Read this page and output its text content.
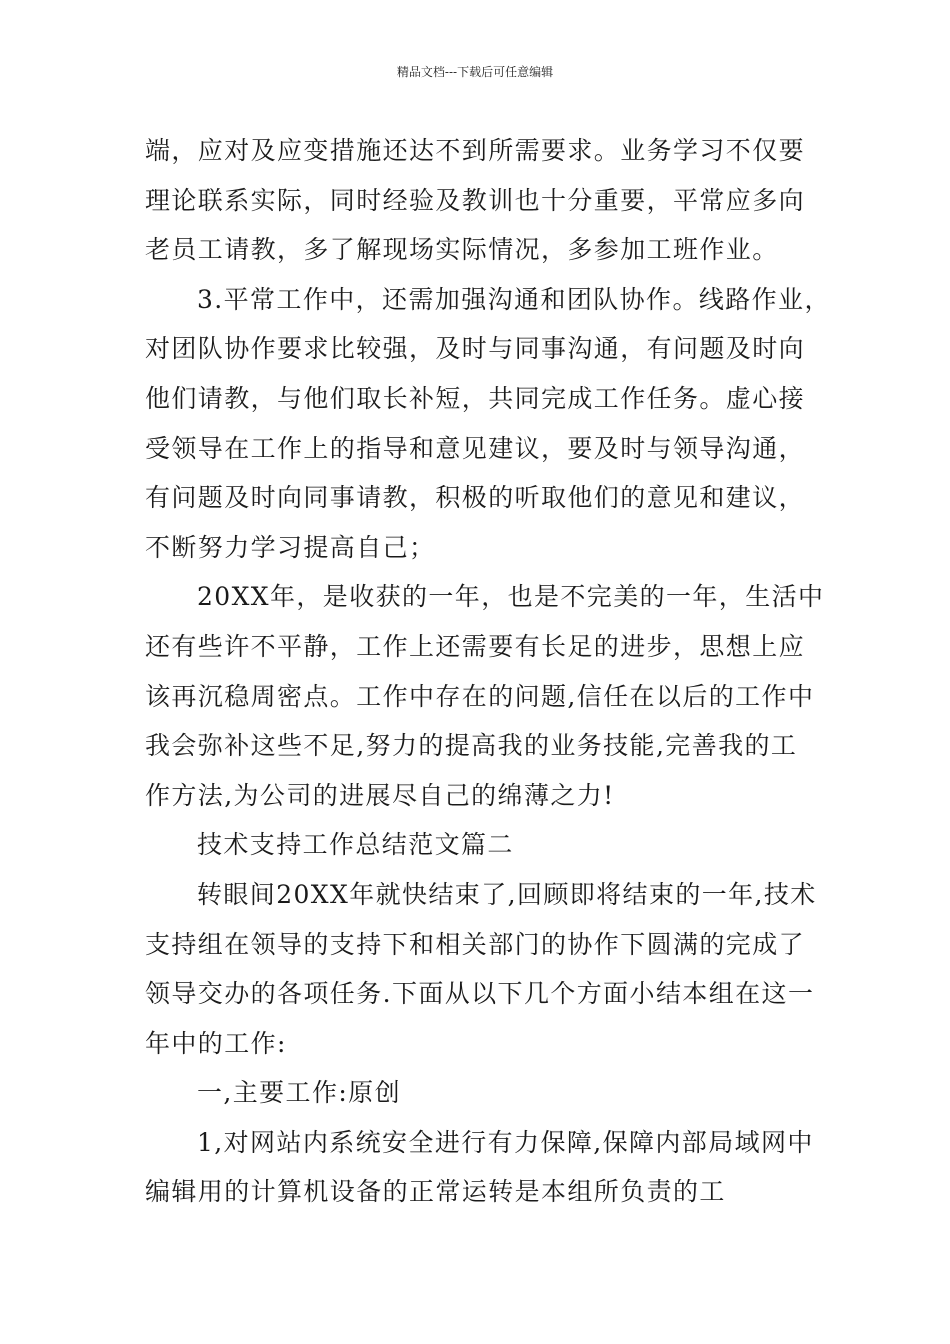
精品文档---下载后可任意编辑
端，应对及应变措施还达不到所需要求。业务学习不仅要
理论联系实际，同时经验及教训也十分重要，平常应多向
老员工请教，多了解现场实际情况，多参加工班作业。
3.平常工作中，还需加强沟通和团队协作。线路作业，
对团队协作要求比较强，及时与同事沟通，有问题及时向
他们请教，与他们取长补短，共同完成工作任务。虚心接
受领导在工作上的指导和意见建议，要及时与领导沟通，
有问题及时向同事请教，积极的听取他们的意见和建议，
不断努力学习提高自己；
20XX年，是收获的一年，也是不完美的一年，生活中
还有些许不平静，工作上还需要有长足的进步，思想上应
该再沉稳周密点。工作中存在的问题,信任在以后的工作中
我会弥补这些不足,努力的提高我的业务技能,完善我的工
作方法,为公司的进展尽自己的绵薄之力!
技术支持工作总结范文篇二
转眼间20XX年就快结束了,回顾即将结束的一年,技术
支持组在领导的支持下和相关部门的协作下圆满的完成了
领导交办的各项任务.下面从以下几个方面小结本组在这一
年中的工作:
一,主要工作:原创
1,对网站内系统安全进行有力保障,保障内部局域网中
编辑用的计算机设备的正常运转是本组所负责的工
